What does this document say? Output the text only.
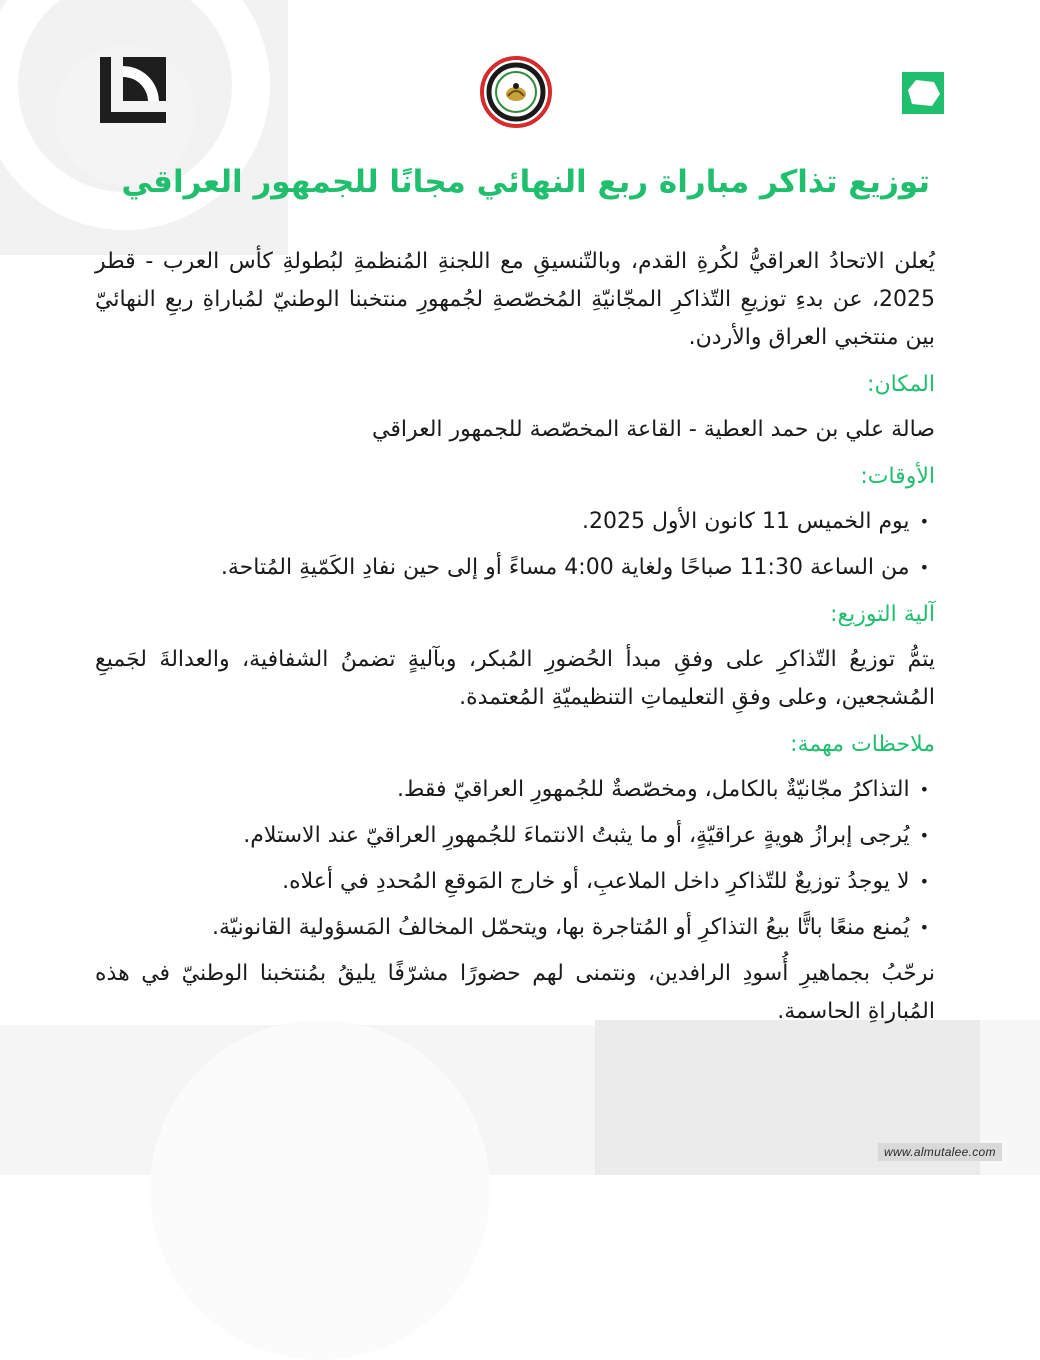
توزيع تذاكر مباراة ربع النهائي مجانًا للجمهور العراقي

يُعلن الاتحادُ العراقيُّ لكُرةِ القدم، وبالتّنسيقِ مع اللجنةِ المُنظمةِ لبُطولةِ كأس العرب - قطر 2025، عن بدءِ توزيعِ التّذاكرِ المجّانيّةِ المُخصّصةِ لجُمهورِ منتخبنا الوطنيّ لمُباراةِ ربعِ النهائيّ بين منتخبي العراق والأردن.

المكان:

صالة علي بن حمد العطية - القاعة المخصّصة للجمهور العراقي

الأوقات:
•يوم الخميس 11 كانون الأول 2025.
•من الساعة 11:30 صباحًا ولغاية 4:00 مساءً أو إلى حين نفادِ الكَمّيةِ المُتاحة.
آلية التوزيع:

يتمُّ توزيعُ التّذاكرِ على وفقِ مبدأ الحُضورِ المُبكر، وبآليةٍ تضمنُ الشفافية، والعدالةَ لجَميعِ المُشجعين، وعلى وفقِ التعليماتِ التنظيميّةِ المُعتمدة.

ملاحظات مهمة:
•التذاكرُ مجّانيّةٌ بالكامل، ومخصّصةٌ للجُمهورِ العراقيّ فقط.
•يُرجى إبرازُ هويةٍ عراقيّةٍ، أو ما يثبتُ الانتماءَ للجُمهورِ العراقيّ عند الاستلام.
•لا يوجدُ توزيعٌ للتّذاكرِ داخل الملاعبِ، أو خارج المَوقعِ المُحددِ في أعلاه.
•يُمنع منعًا باتًّا بيعُ التذاكرِ أو المُتاجرة بها، ويتحمّل المخالفُ المَسؤولية القانونيّة.

نرحّبُ بجماهيرِ أُسودِ الرافدين، ونتمنى لهم حضورًا مشرّفًا يليقُ بمُنتخبنا الوطنيّ في هذه المُباراةِ الحاسمة.

www.almutalee.com
